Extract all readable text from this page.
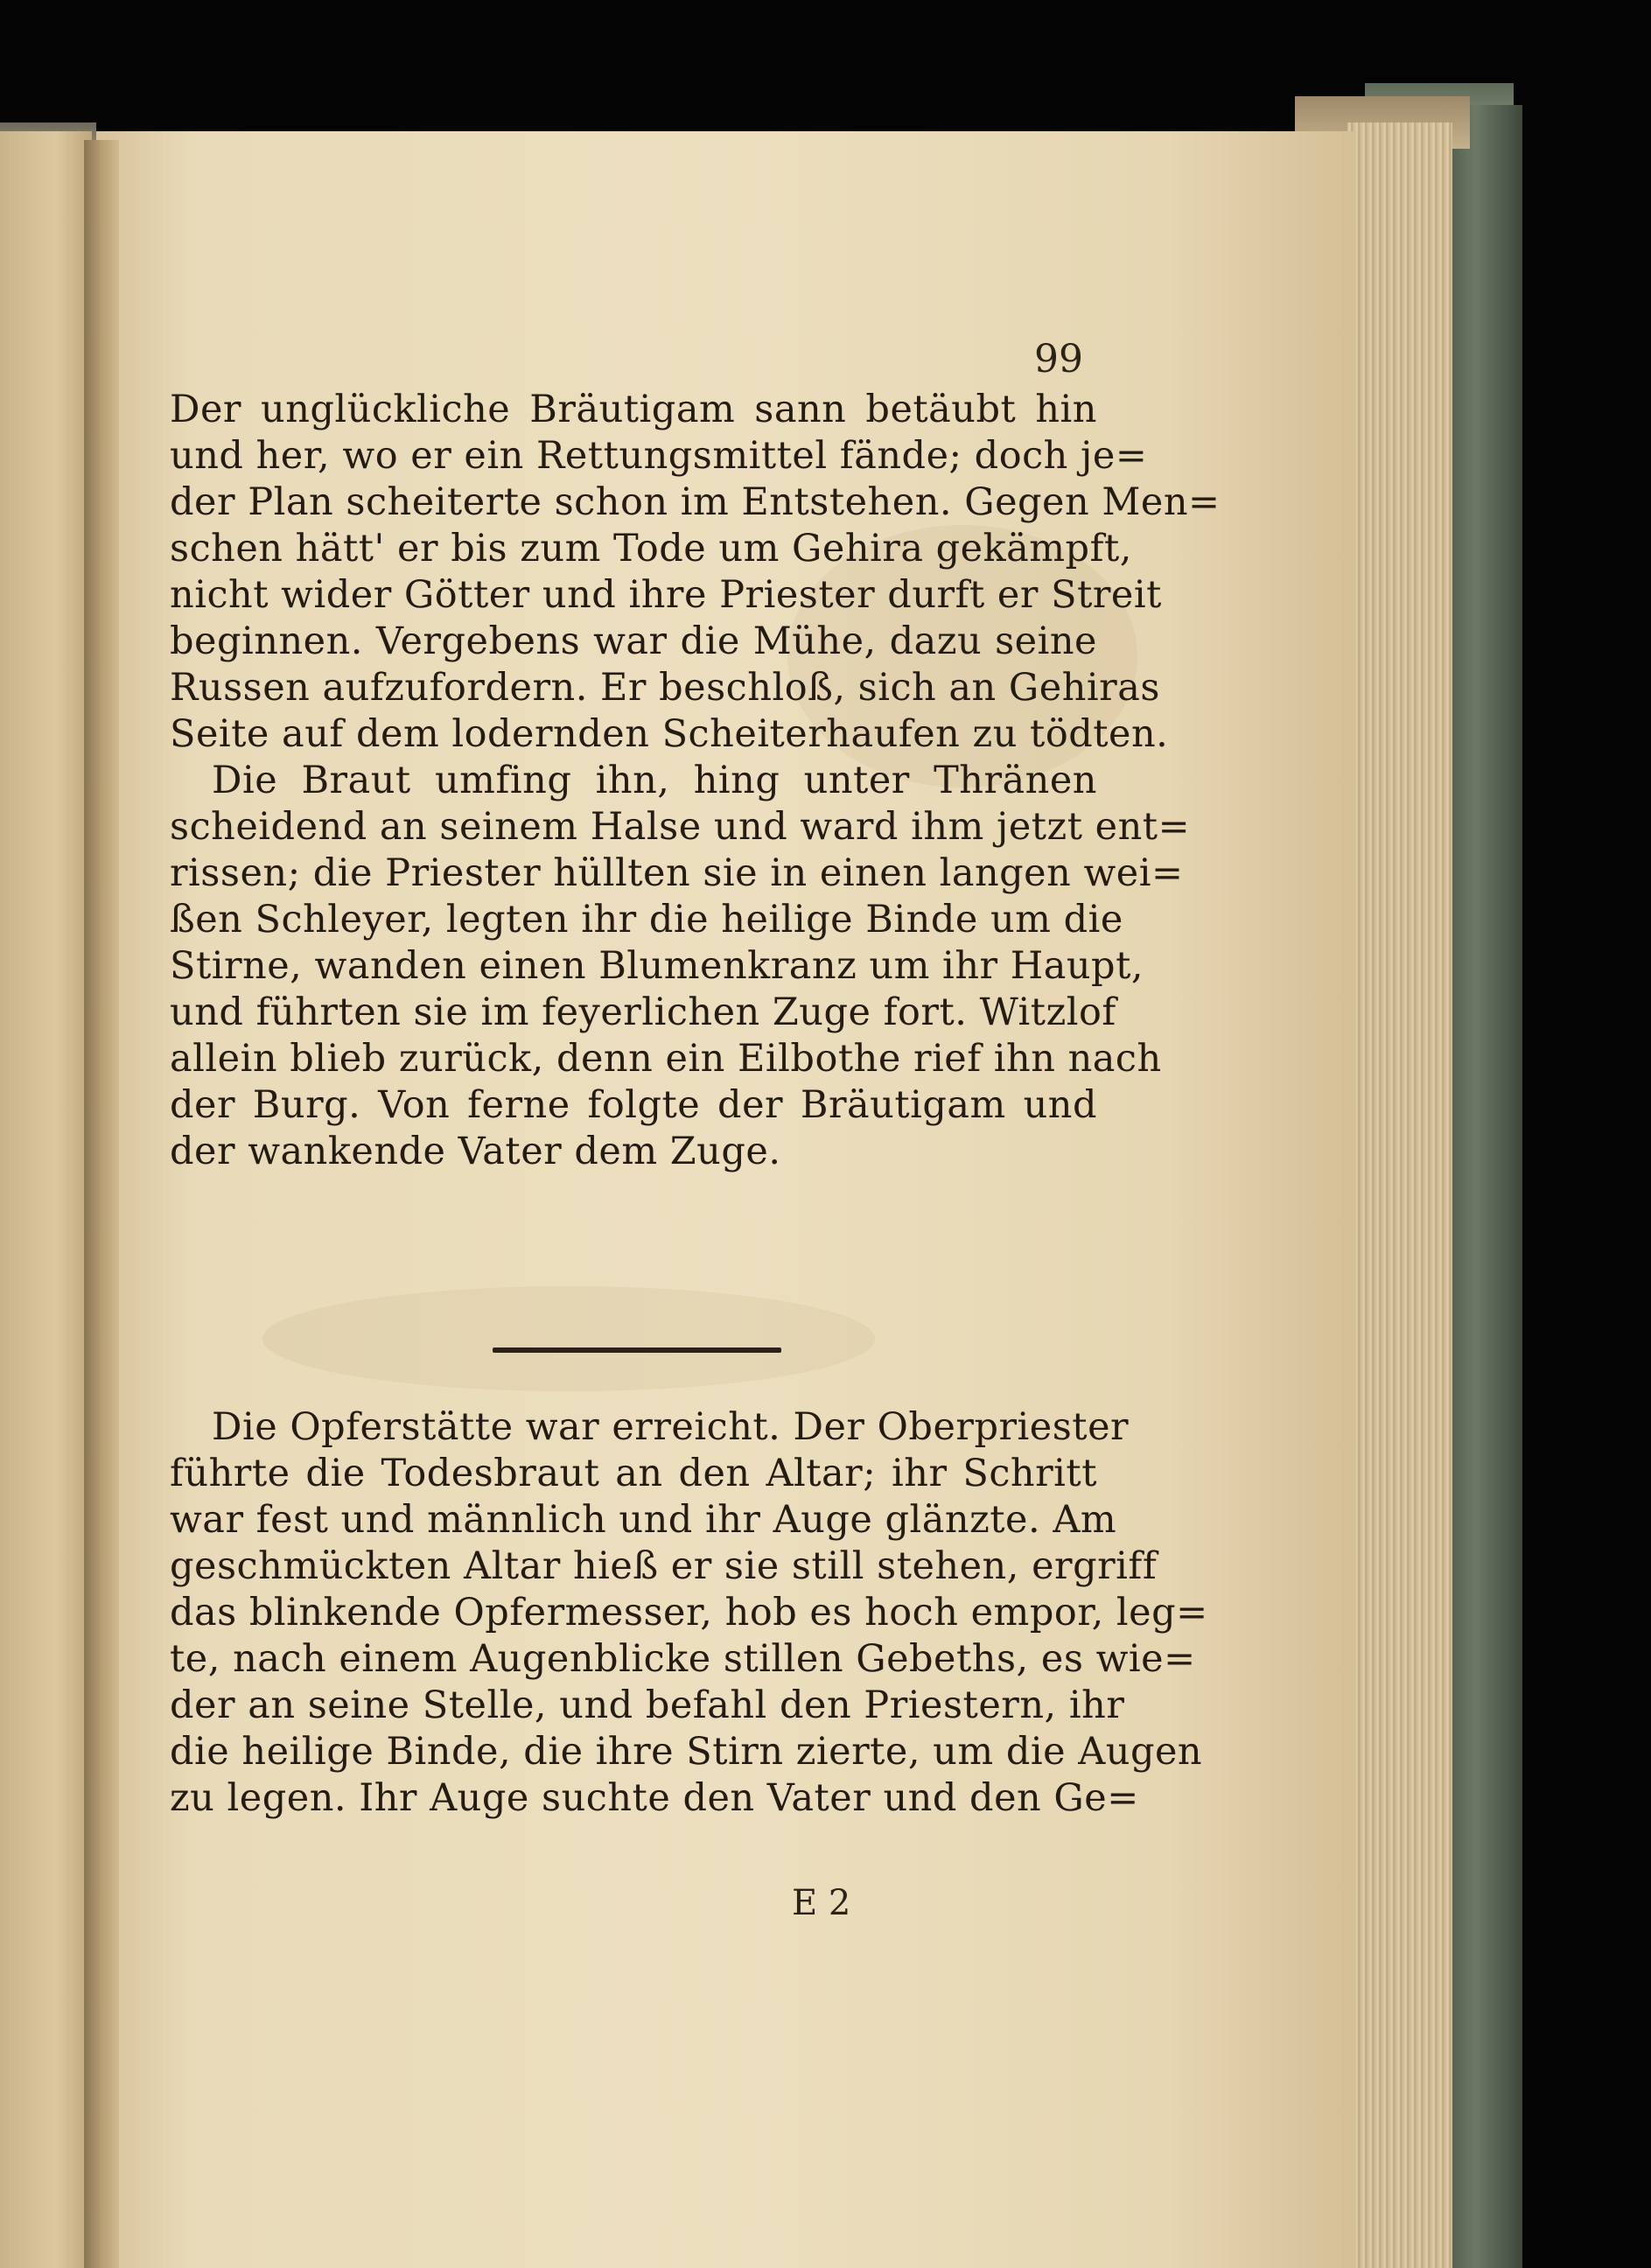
99
Der unglückliche Bräutigam sann betäubt hin
und her, wo er ein Rettungsmittel fände; doch je=
der Plan scheiterte schon im Entstehen. Gegen Men=
schen hätt' er bis zum Tode um Gehira gekämpft,
nicht wider Götter und ihre Priester durft er Streit
beginnen. Vergebens war die Mühe, dazu seine
Russen aufzufordern. Er beschloß, sich an Gehiras
Seite auf dem lodernden Scheiterhaufen zu tödten.
Die Braut umfing ihn, hing unter Thränen
scheidend an seinem Halse und ward ihm jetzt ent=
rissen; die Priester hüllten sie in einen langen wei=
ßen Schleyer, legten ihr die heilige Binde um die
Stirne, wanden einen Blumenkranz um ihr Haupt,
und führten sie im feyerlichen Zuge fort. Witzlof
allein blieb zurück, denn ein Eilbothe rief ihn nach
der Burg. Von ferne folgte der Bräutigam und
der wankende Vater dem Zuge.
Die Opferstätte war erreicht. Der Oberpriester
führte die Todesbraut an den Altar; ihr Schritt
war fest und männlich und ihr Auge glänzte. Am
geschmückten Altar hieß er sie still stehen, ergriff
das blinkende Opfermesser, hob es hoch empor, leg=
te, nach einem Augenblicke stillen Gebeths, es wie=
der an seine Stelle, und befahl den Priestern, ihr
die heilige Binde, die ihre Stirn zierte, um die Augen
zu legen. Ihr Auge suchte den Vater und den Ge=
E 2
